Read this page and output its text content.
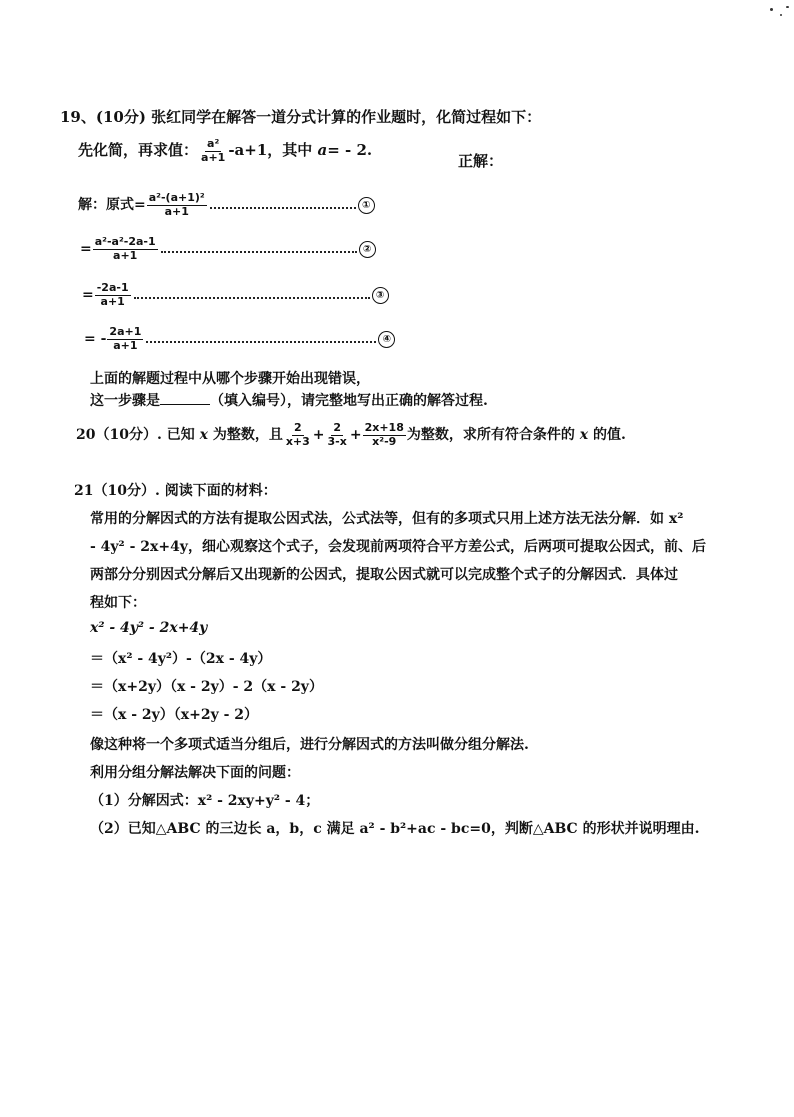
19、(10分) 张红同学在解答一道分式计算的作业题时，化简过程如下：
先化简，再求值： $\frac{\text{a²}}{a+1} -a+1$，其中 a= - 2.
正解：
解：原式= $\frac{\text{a²-(a+1)²}}{a+1}$	①
= $\frac{\text{a²-a²-2a-1}}{a+1}$	②
= $\frac{-2a-1}{a+1}$	③
= - $\frac{2a+1}{a+1}$	④
上面的解题过程中从哪个步骤开始出现错误，
这一步骤是	（填入编号），请完整地写出正确的解答过程.
20（10分）. 已知 x 为整数，且 $\frac{2}{x+3} + \frac{2}{3-x} + \frac{2x+18}{\text{x²-9}}$ 为整数，求所有符合条件的 x 的值.
21（10分）. 阅读下面的材料：
常用的分解因式的方法有提取公因式法，公式法等，但有的多项式只用上述方法无法分解．如 x²
- 4y² - 2x+4y，细心观察这个式子，会发现前两项符合平方差公式，后两项可提取公因式，前、后
两部分分别因式分解后又出现新的公因式，提取公因式就可以完成整个式子的分解因式．具体过
程如下：
x² - 4y² - 2x+4y
＝（x² - 4y²）-（2x - 4y）
＝（x+2y）（x - 2y）- 2（x - 2y）
＝（x - 2y）（x+2y - 2）
像这种将一个多项式适当分组后，进行分解因式的方法叫做分组分解法.
利用分组分解法解决下面的问题：
（1）分解因式：x² - 2xy+y² - 4；
（2）已知△ABC 的三边长 a，b，c 满足 a² - b²+ac - bc=0，判断△ABC 的形状并说明理由.
